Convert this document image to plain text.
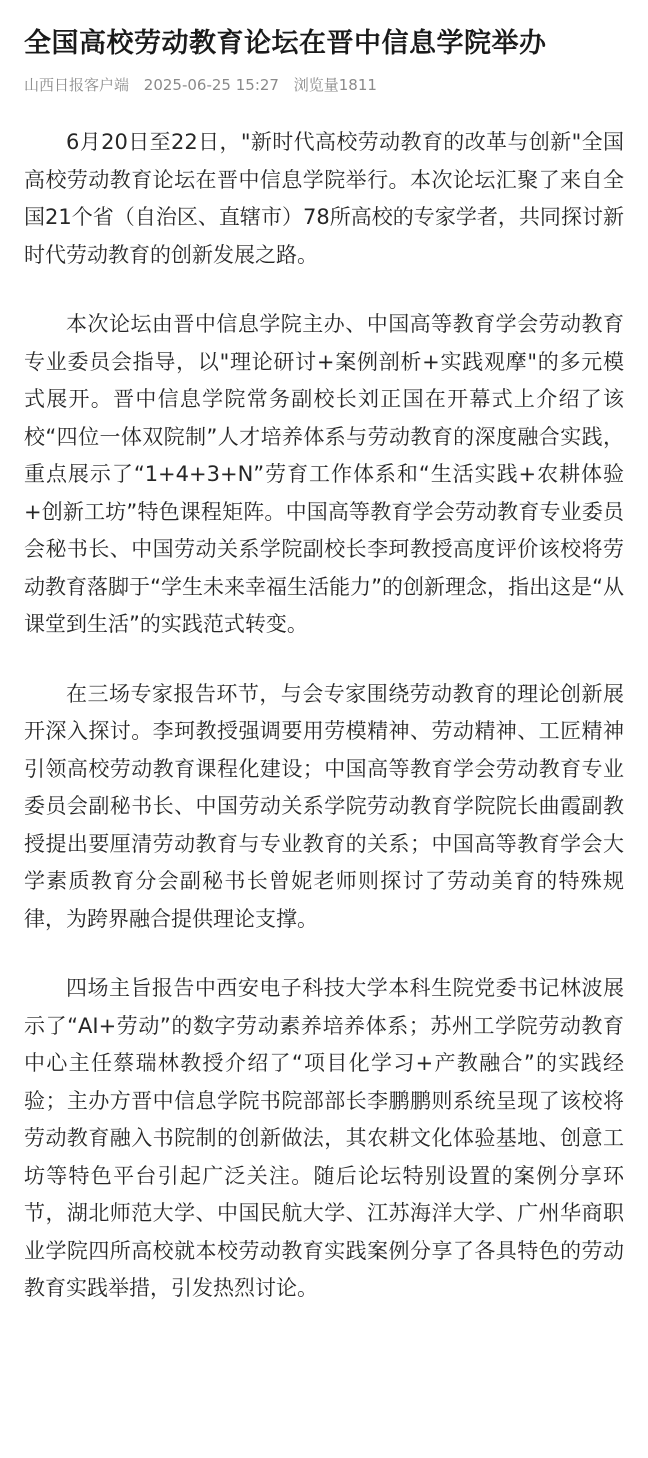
全国高校劳动教育论坛在晋中信息学院举办
山西日报客户端 2025-06-25 15:27 浏览量1811

6月20日至22日，"新时代高校劳动教育的改革与创新"全国高校劳动教育论坛在晋中信息学院举行。本次论坛汇聚了来自全国21个省（自治区、直辖市）78所高校的专家学者，共同探讨新时代劳动教育的创新发展之路。

本次论坛由晋中信息学院主办、中国高等教育学会劳动教育专业委员会指导，以"理论研讨+案例剖析+实践观摩"的多元模式展开。晋中信息学院常务副校长刘正国在开幕式上介绍了该校“四位一体双院制”人才培养体系与劳动教育的深度融合实践，重点展示了“1+4+3+N”劳育工作体系和“生活实践+农耕体验+创新工坊”特色课程矩阵。中国高等教育学会劳动教育专业委员会秘书长、中国劳动关系学院副校长李珂教授高度评价该校将劳动教育落脚于“学生未来幸福生活能力”的创新理念，指出这是“从课堂到生活”的实践范式转变。

在三场专家报告环节，与会专家围绕劳动教育的理论创新展开深入探讨。李珂教授强调要用劳模精神、劳动精神、工匠精神引领高校劳动教育课程化建设；中国高等教育学会劳动教育专业委员会副秘书长、中国劳动关系学院劳动教育学院院长曲霞副教授提出要厘清劳动教育与专业教育的关系；中国高等教育学会大学素质教育分会副秘书长曾妮老师则探讨了劳动美育的特殊规律，为跨界融合提供理论支撑。

四场主旨报告中西安电子科技大学本科生院党委书记林波展示了“AI+劳动”的数字劳动素养培养体系；苏州工学院劳动教育中心主任蔡瑞林教授介绍了“项目化学习+产教融合”的实践经验；主办方晋中信息学院书院部部长李鹏鹏则系统呈现了该校将劳动教育融入书院制的创新做法，其农耕文化体验基地、创意工坊等特色平台引起广泛关注。随后论坛特别设置的案例分享环节，湖北师范大学、中国民航大学、江苏海洋大学、广州华商职业学院四所高校就本校劳动教育实践案例分享了各具特色的劳动教育实践举措，引发热烈讨论。
